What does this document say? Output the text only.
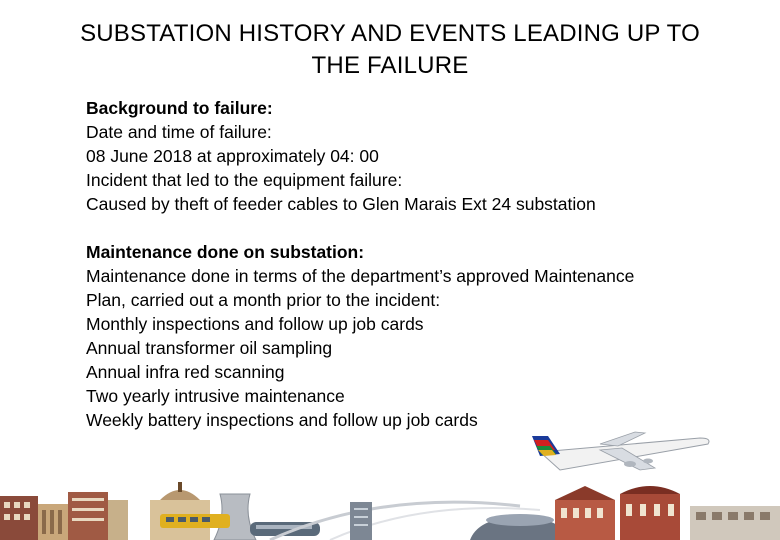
SUBSTATION HISTORY AND EVENTS LEADING UP TO
THE FAILURE
Background to failure:
Date and time of failure:
08 June 2018 at approximately 04: 00
Incident that led to the equipment failure:
Caused by theft of feeder cables to Glen Marais Ext 24 substation
Maintenance done on substation:
Maintenance done in terms of the department’s approved Maintenance
Plan, carried out a month prior to the incident:
Monthly inspections and follow up job cards
Annual transformer oil sampling
Annual infra red scanning
Two yearly intrusive maintenance
Weekly battery inspections and follow up job cards
